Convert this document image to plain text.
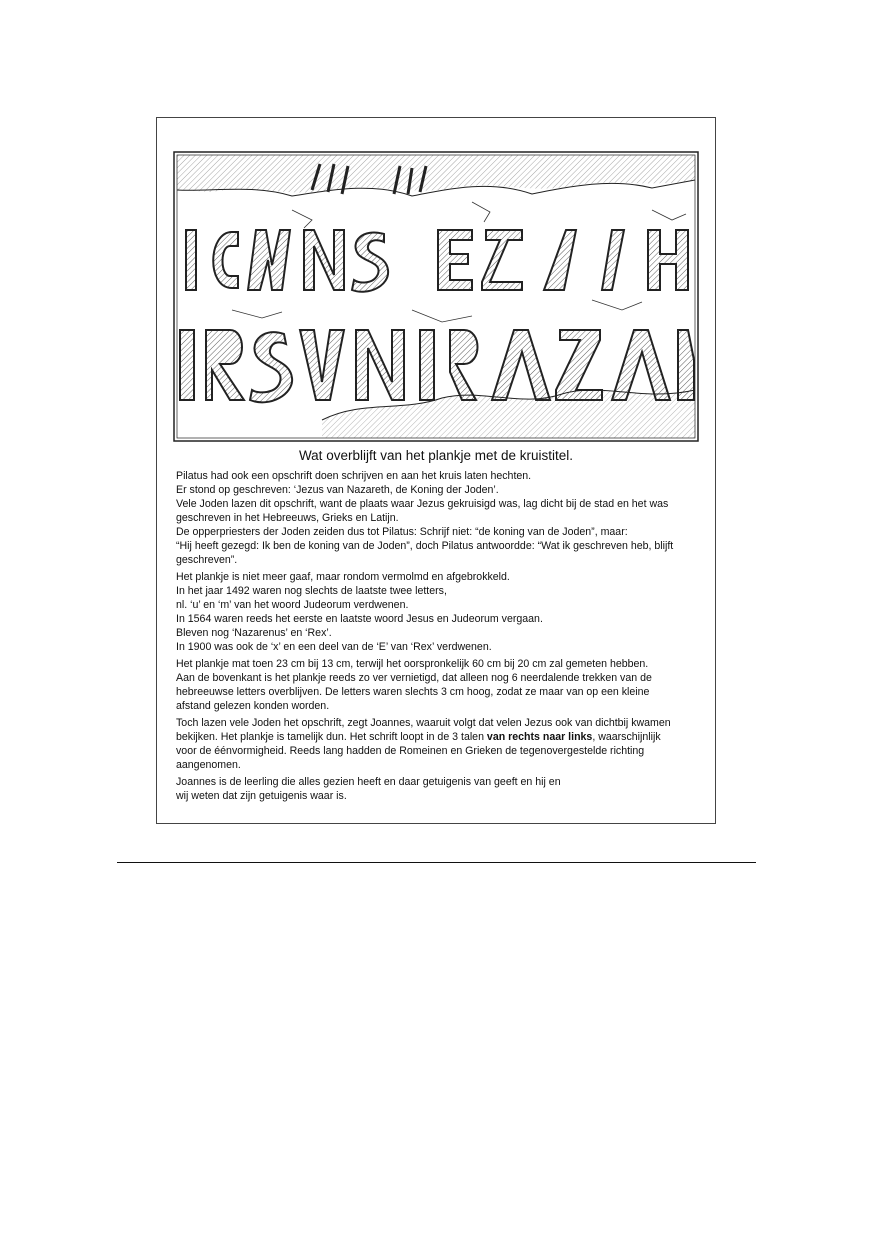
Wat overblijft van het plankje met de kruistitel.

Pilatus had ook een opschrift doen schrijven en aan het kruis laten hechten.
Er stond op geschreven: ‘Jezus van Nazareth, de Koning der Joden’.
Vele Joden lazen dit opschrift, want de plaats waar Jezus gekruisigd was, lag dicht bij de stad en het was
geschreven in het Hebreeuws, Grieks en Latijn.
De opperpriesters der Joden zeiden dus tot Pilatus: Schrijf niet: “de koning van de Joden”, maar:
“Hij heeft gezegd: Ik ben de koning van de Joden”, doch Pilatus antwoordde: “Wat ik geschreven heb, blijft
geschreven”.

Het plankje is niet meer gaaf, maar rondom vermolmd en afgebrokkeld.
In het jaar 1492 waren nog slechts de laatste twee letters,
nl. ‘u’ en ‘m’ van het woord Judeorum verdwenen.
In 1564 waren reeds het eerste en laatste woord Jesus en Judeorum vergaan.
Bleven nog ‘Nazarenus’ en ‘Rex’.
In 1900 was ook de ‘x’ en een deel van de ‘E’ van ‘Rex’ verdwenen.

Het plankje mat toen 23 cm bij 13 cm, terwijl het oorspronkelijk 60 cm bij 20 cm zal gemeten hebben.
Aan de bovenkant is het plankje reeds zo ver vernietigd, dat alleen nog 6 neerdalende trekken van de
hebreeuwse letters overblijven. De letters waren slechts 3 cm hoog, zodat ze maar van op een kleine
afstand gelezen konden worden.

Toch lazen vele Joden het opschrift, zegt Joannes, waaruit volgt dat velen Jezus ook van dichtbij kwamen
bekijken. Het plankje is tamelijk dun. Het schrift loopt in de 3 talen van rechts naar links, waarschijnlijk
voor de éénvormigheid. Reeds lang hadden de Romeinen en Grieken de tegenovergestelde richting
aangenomen.

Joannes is de leerling die alles gezien heeft en daar getuigenis van geeft en hij en
wij weten dat zijn getuigenis waar is.
